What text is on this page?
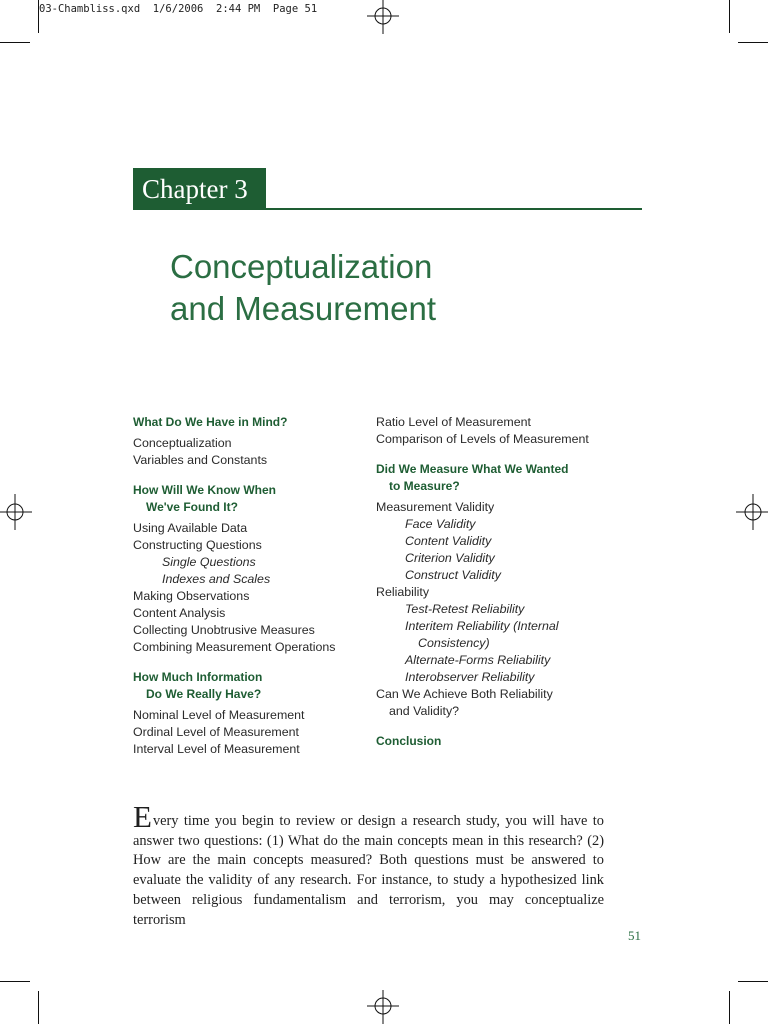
03-Chambliss.qxd  1/6/2006  2:44 PM  Page 51
Chapter 3
Conceptualization
and Measurement

What Do We Have in Mind?

Conceptualization

Variables and Constants

How Will We Know When
We've Found It?

Using Available Data

Constructing Questions

Single Questions

Indexes and Scales

Making Observations

Content Analysis

Collecting Unobtrusive Measures

Combining Measurement Operations

How Much Information
Do We Really Have?

Nominal Level of Measurement

Ordinal Level of Measurement

Interval Level of Measurement

Ratio Level of Measurement

Comparison of Levels of Measurement

Did We Measure What We Wanted
to Measure?

Measurement Validity

Face Validity

Content Validity

Criterion Validity

Construct Validity

Reliability

Test-Retest Reliability

Interitem Reliability (Internal
Consistency)

Alternate-Forms Reliability

Interobserver Reliability

Can We Achieve Both Reliability
and Validity?

Conclusion

Every time you begin to review or design a research study, you will have to answer two questions: (1) What do the main concepts mean in this research? (2) How are the main concepts measured? Both questions must be answered to evaluate the validity of any research. For instance, to study a hypothesized link between religious fundamentalism and terrorism, you may conceptualize terrorism

51
